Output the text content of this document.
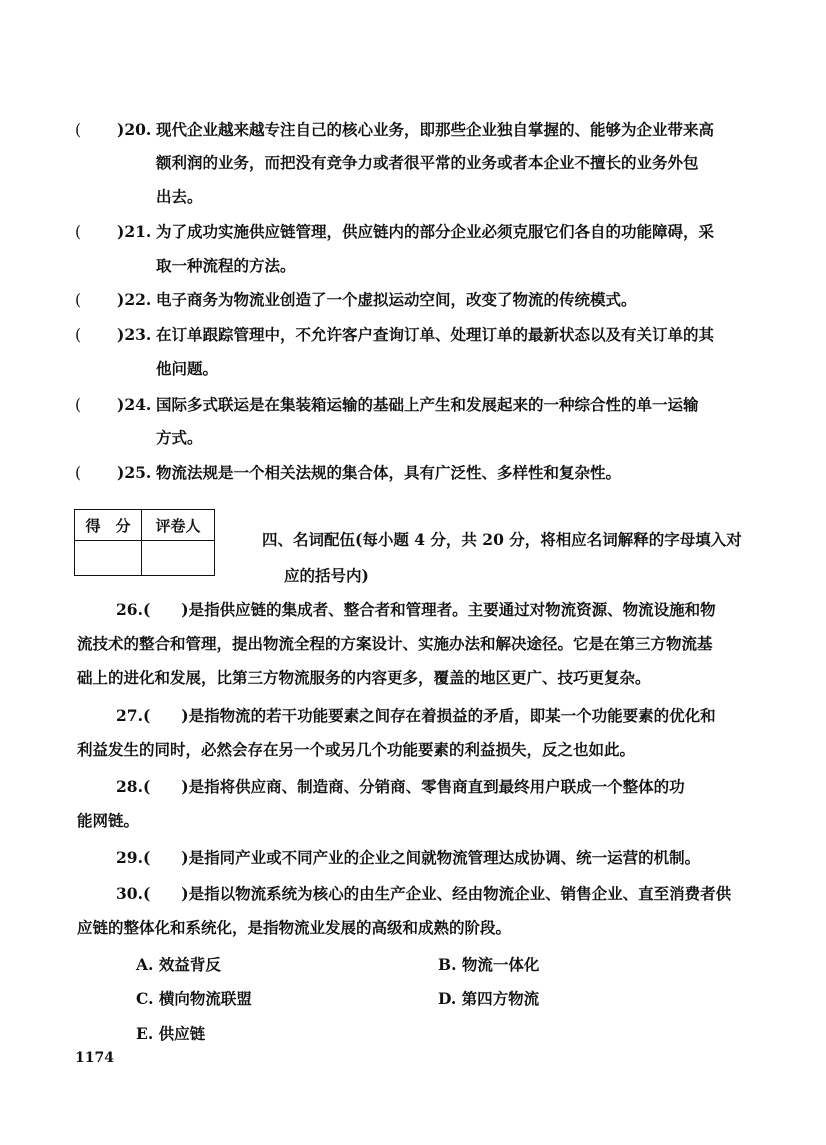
( )20. 现代企业越来越专注自己的核心业务，即那些企业独自掌握的、能够为企业带来高
额利润的业务，而把没有竞争力或者很平常的业务或者本企业不擅长的业务外包
出去。
( )21. 为了成功实施供应链管理，供应链内的部分企业必须克服它们各自的功能障碍，采
取一种流程的方法。
( )22. 电子商务为物流业创造了一个虚拟运动空间，改变了物流的传统模式。
( )23. 在订单跟踪管理中，不允许客户查询订单、处理订单的最新状态以及有关订单的其
他问题。
( )24. 国际多式联运是在集装箱运输的基础上产生和发展起来的一种综合性的单一运输
方式。
( )25. 物流法规是一个相关法规的集合体，具有广泛性、多样性和复杂性。
得　分	评卷人

四、名词配伍(每小题 4 分，共 20 分，将相应名词解释的字母填入对
应的括号内)
26.(　　)是指供应链的集成者、整合者和管理者。主要通过对物流资源、物流设施和物
流技术的整合和管理，提出物流全程的方案设计、实施办法和解决途径。它是在第三方物流基
础上的进化和发展，比第三方物流服务的内容更多，覆盖的地区更广、技巧更复杂。
27.(　　)是指物流的若干功能要素之间存在着损益的矛盾，即某一个功能要素的优化和
利益发生的同时，必然会存在另一个或另几个功能要素的利益损失，反之也如此。
28.(　　)是指将供应商、制造商、分销商、零售商直到最终用户联成一个整体的功
能网链。
29.(　　)是指同产业或不同产业的企业之间就物流管理达成协调、统一运营的机制。
30.(　　)是指以物流系统为核心的由生产企业、经由物流企业、销售企业、直至消费者供
应链的整体化和系统化，是指物流业发展的高级和成熟的阶段。
A. 效益背反	B. 物流一体化
C. 横向物流联盟	D. 第四方物流
E. 供应链
1174
